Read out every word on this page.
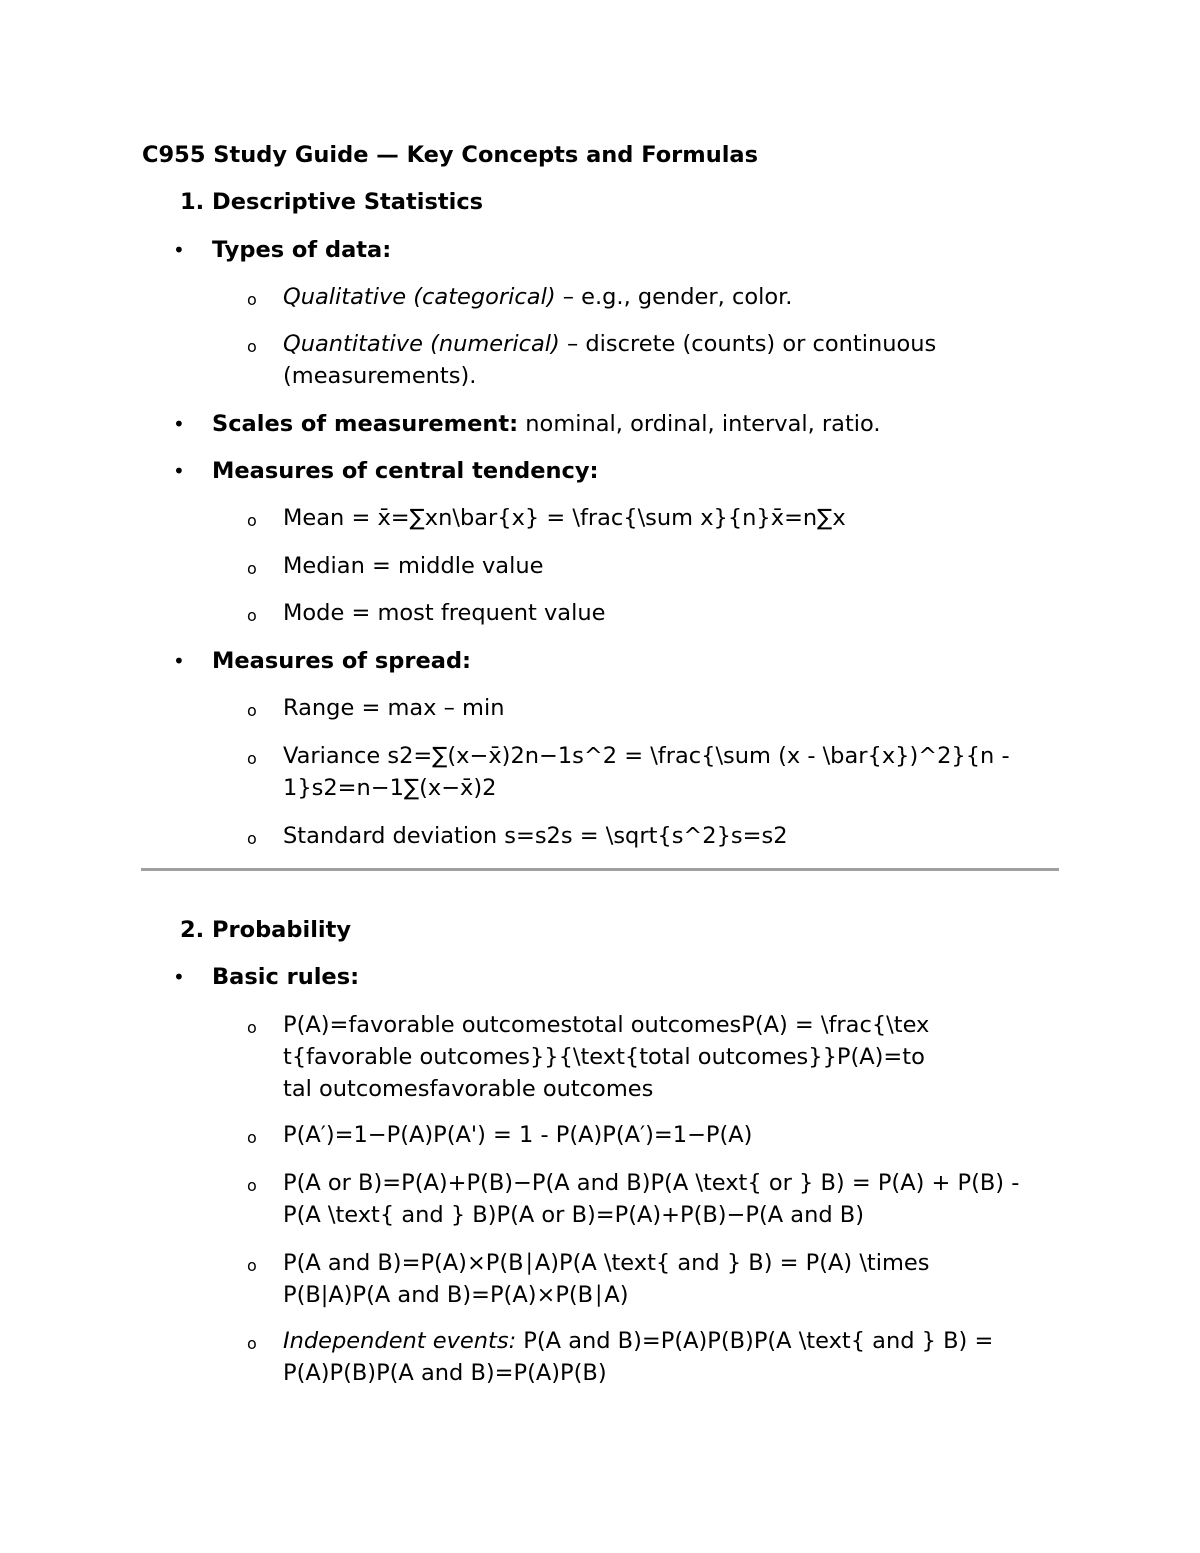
C955 Study Guide — Key Concepts and Formulas
1. Descriptive Statistics
• Types of data:
o Qualitative (categorical) – e.g., gender, color.
o Quantitative (numerical) – discrete (counts) or continuous (measurements).
• Scales of measurement: nominal, ordinal, interval, ratio.
• Measures of central tendency:
o Mean = x̄=∑xn\bar{x} = \frac{\sum x}{n}x̄=n∑x
o Median = middle value
o Mode = most frequent value
• Measures of spread:
o Range = max – min
o Variance s2=∑(x−x̄)2n−1s^2 = \frac{\sum (x - \bar{x})^2}{n - 1}s2=n−1∑(x−x̄)2
o Standard deviation s=s2s = \sqrt{s^2}s=s2
2. Probability
• Basic rules:
o P(A)=favorable outcomestotal outcomesP(A) = \frac{\text{favorable outcomes}}{\text{total outcomes}}P(A)=total outcomesfavorable outcomes
o P(A′)=1−P(A)P(A') = 1 - P(A)P(A′)=1−P(A)
o P(A or B)=P(A)+P(B)−P(A and B)P(A \text{ or } B) = P(A) + P(B) - P(A \text{ and } B)P(A or B)=P(A)+P(B)−P(A and B)
o P(A and B)=P(A)×P(B∣A)P(A \text{ and } B) = P(A) \times P(B|A)P(A and B)=P(A)×P(B∣A)
o Independent events: P(A and B)=P(A)P(B)P(A \text{ and } B) = P(A)P(B)P(A and B)=P(A)P(B)
